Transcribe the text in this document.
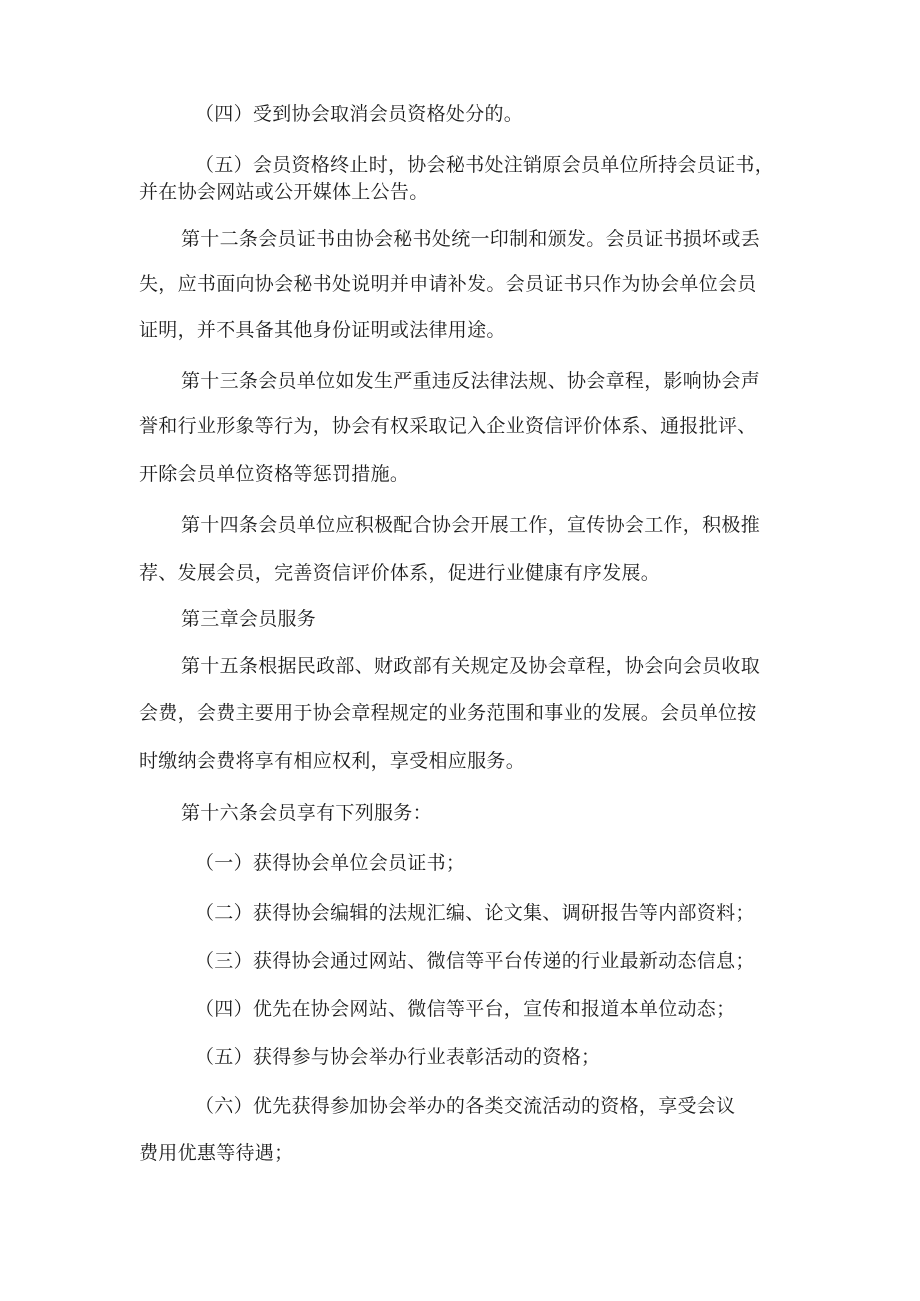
（四）受到协会取消会员资格处分的。

（五）会员资格终止时，协会秘书处注销原会员单位所持会员证书，

并在协会网站或公开媒体上公告。

第十二条会员证书由协会秘书处统一印制和颁发。会员证书损坏或丢

失，应书面向协会秘书处说明并申请补发。会员证书只作为协会单位会员

证明，并不具备其他身份证明或法律用途。

第十三条会员单位如发生严重违反法律法规、协会章程，影响协会声

誉和行业形象等行为，协会有权采取记入企业资信评价体系、通报批评、

开除会员单位资格等惩罚措施。

第十四条会员单位应积极配合协会开展工作，宣传协会工作，积极推

荐、发展会员，完善资信评价体系，促进行业健康有序发展。

第三章会员服务

第十五条根据民政部、财政部有关规定及协会章程，协会向会员收取

会费，会费主要用于协会章程规定的业务范围和事业的发展。会员单位按

时缴纳会费将享有相应权利，享受相应服务。

第十六条会员享有下列服务：

（一）获得协会单位会员证书；

（二）获得协会编辑的法规汇编、论文集、调研报告等内部资料；

（三）获得协会通过网站、微信等平台传递的行业最新动态信息；

（四）优先在协会网站、微信等平台，宣传和报道本单位动态；

（五）获得参与协会举办行业表彰活动的资格；

（六）优先获得参加协会举办的各类交流活动的资格，享受会议

费用优惠等待遇；
